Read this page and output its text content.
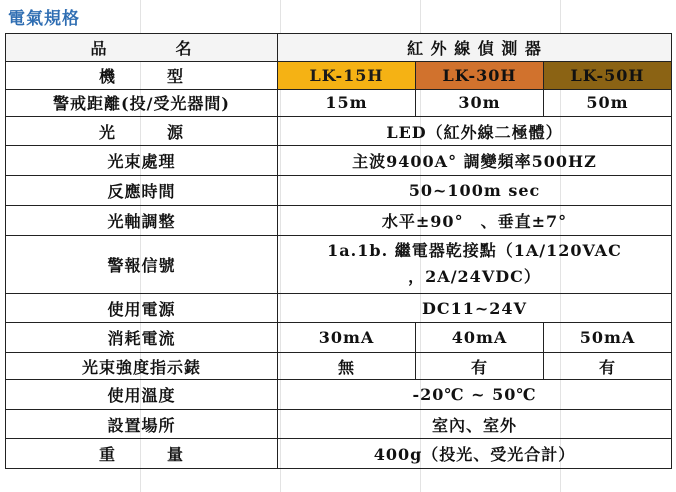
電氣規格
品　　　　名	紅 外 線 偵 測 器		
機　　　型	LK-15H	LK-30H	LK-50H
警戒距離(投/受光器間)	15m	30m	50m
光　　　源	LED（紅外線二極體）		
光束處理	主波9400A° 調變頻率500HZ		
反應時間	50~100m sec		
光軸調整	水平±90°　、垂直±7°		
警報信號	1a.1b. 繼電器乾接點（1A/120VAC
，2A/24VDC）		

使用電源	DC11~24V		
消耗電流	30mA	40mA	50mA
光束強度指示錶	無	有	有
使用溫度	-20℃ ~ 50℃		
設置場所	室內、室外		
重　　　量	400g（投光、受光合計）		
